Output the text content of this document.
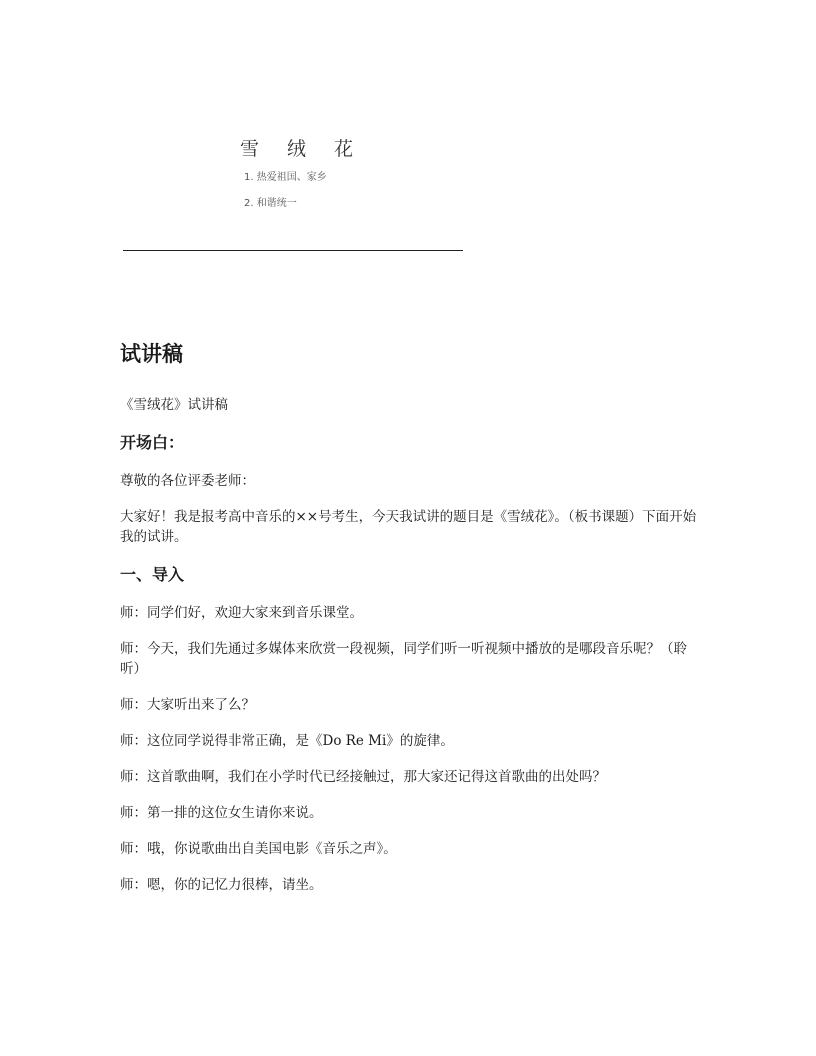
雪绒花
1. 热爱祖国、家乡
2. 和谐统一
试讲稿

《雪绒花》试讲稿

开场白：

尊敬的各位评委老师：

大家好！我是报考高中音乐的××号考生，今天我试讲的题目是《雪绒花》。（板书课题）下面开始我的试讲。

一、导入

师：同学们好，欢迎大家来到音乐课堂。

师：今天，我们先通过多媒体来欣赏一段视频，同学们听一听视频中播放的是哪段音乐呢？（聆听）

师：大家听出来了么？

师：这位同学说得非常正确，是《Do Re Mi》的旋律。

师：这首歌曲啊，我们在小学时代已经接触过，那大家还记得这首歌曲的出处吗？

师：第一排的这位女生请你来说。

师：哦，你说歌曲出自美国电影《音乐之声》。

师：嗯，你的记忆力很棒，请坐。
